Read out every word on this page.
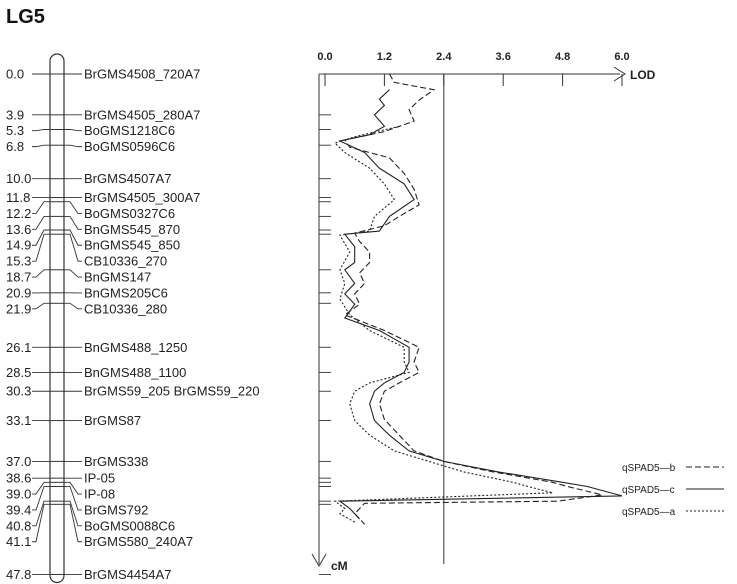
LG5
0.0	BrGMS4508_720A7
3.9	BrGMS4505_280A7
5.3	BoGMS1218C6
6.8	BoGMS0596C6
10.0	BrGMS4507A7
11.8	BrGMS4505_300A7
12.2	BoGMS0327C6
13.6	BnGMS545_870
14.9	BnGMS545_850
15.3	CB10336_270
18.7	BnGMS147
20.9	BnGMS205C6
21.9	CB10336_280
26.1	BnGMS488_1250
28.5	BnGMS488_1100
30.3	BrGMS59_205 BrGMS59_220
33.1	BrGMS87
37.0	BrGMS338
38.6	IP-05
39.0	IP-08
39.4	BrGMS792
40.8	BoGMS0088C6
41.1	BrGMS580_240A7
47.8	BrGMS4454A7
LOD
0.0	1.2	2.4	3.6	4.8	6.0
cM
qSPAD5—b
qSPAD5—c
qSPAD5—a
